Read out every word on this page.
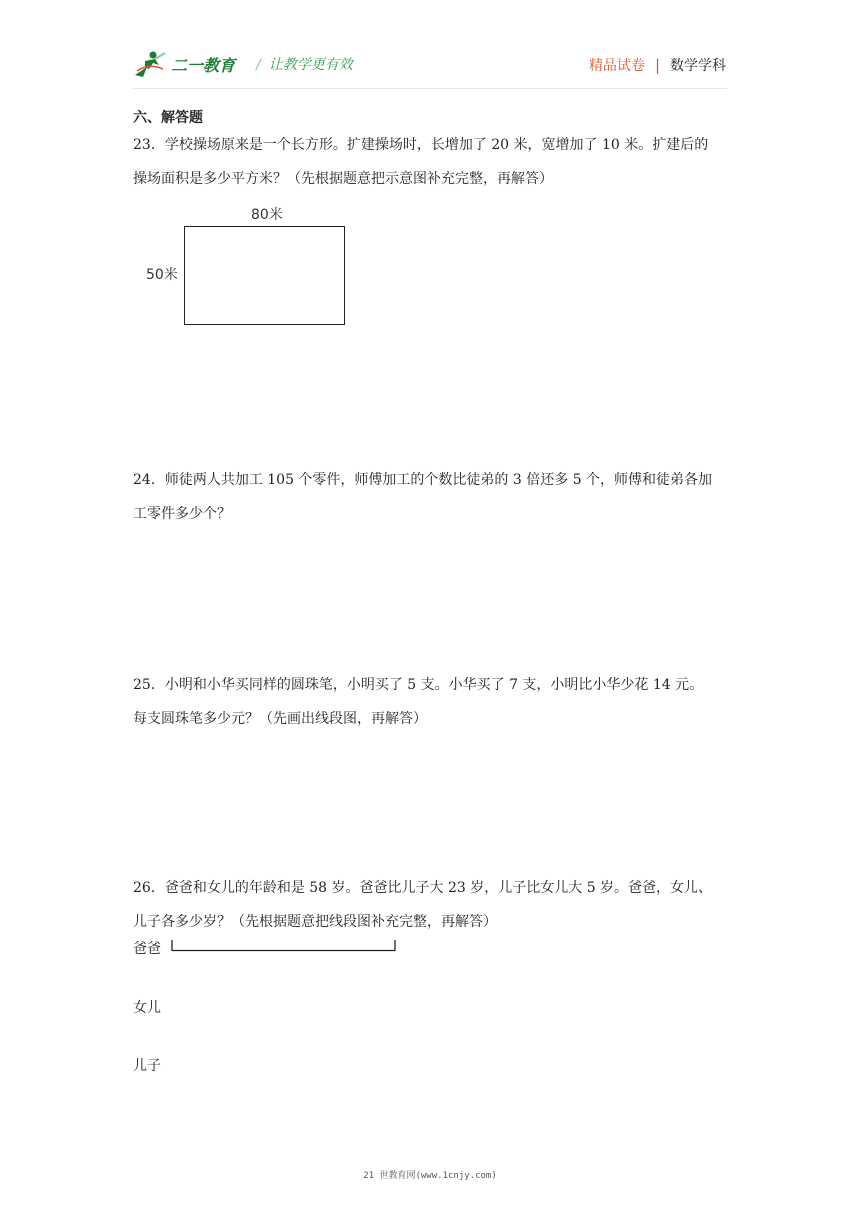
二一教育 / 让教学更有效	精品试卷 | 数学学科
六、解答题
23．学校操场原来是一个长方形。扩建操场时，长增加了 20 米，宽增加了 10 米。扩建后的
操场面积是多少平方米？（先根据题意把示意图补充完整，再解答）
80米
50米
24．师徒两人共加工 105 个零件，师傅加工的个数比徒弟的 3 倍还多 5 个，师傅和徒弟各加
工零件多少个？
25．小明和小华买同样的圆珠笔，小明买了 5 支。小华买了 7 支，小明比小华少花 14 元。
每支圆珠笔多少元？（先画出线段图，再解答）
26．爸爸和女儿的年龄和是 58 岁。爸爸比儿子大 23 岁，儿子比女儿大 5 岁。爸爸，女儿、
儿子各多少岁？（先根据题意把线段图补充完整，再解答）
爸爸
女儿
儿子
21 世教育网(www.1cnjy.com)
